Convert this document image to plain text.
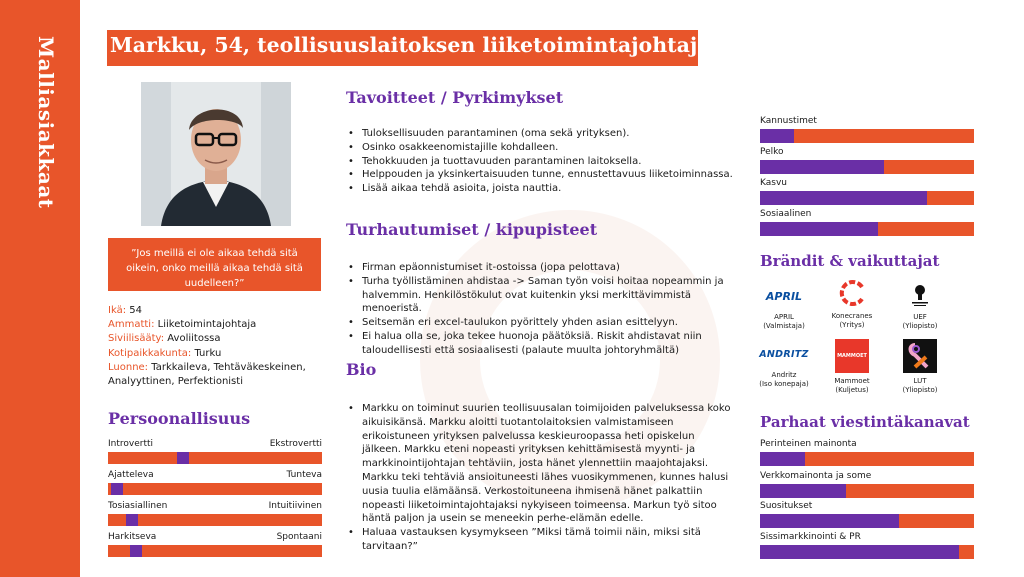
Malliasiakkaat	Markku, 54, teollisuuslaitoksen liiketoimintajohtaja
”Jos meillä ei ole aikaa tehdä sitä oikein, onko meillä aikaa tehdä sitä uudelleen?”
Ikä: 54
Ammatti: Liiketoimintajohtaja
Siviilisääty: Avoliitossa
Kotipaikkakunta: Turku
Luonne: Tarkkaileva, Tehtäväkeskeinen, Analyyttinen, Perfektionisti
Persoonallisuus
Introvertti	Ekstrovertti
Ajatteleva	Tunteva
Tosiasiallinen	Intuitiivinen
Harkitseva	Spontaani
Tavoitteet / Pyrkimykset
• Tuloksellisuuden parantaminen (oma sekä yrityksen).
• Osinko osakkeenomistajille kohdalleen.
• Tehokkuuden ja tuottavuuden parantaminen laitoksella.
• Helppouden ja yksinkertaisuuden tunne, ennustettavuus liiketoiminnassa.
• Lisää aikaa tehdä asioita, joista nauttia.
Turhautumiset / kipupisteet
• Firman epäonnistumiset it-ostoissa (jopa pelottava)
• Turha työllistäminen ahdistaa -> Saman työn voisi hoitaa nopeammin ja halvemmin. Henkilöstökulut ovat kuitenkin yksi merkittävimmistä menoeristä.
• Seitsemän eri excel-taulukon pyörittely yhden asian esittelyyn.
• Ei halua olla se, joka tekee huonoja päätöksiä. Riskit ahdistavat niin taloudellisesti että sosiaalisesti (palaute muulta johtoryhmältä)
Bio
• Markku on toiminut suurien teollisuusalan toimijoiden palveluksessa koko aikuisikänsä. Markku aloitti tuotantolaitoksien valmistamiseen erikoistuneen yrityksen palvelussa keskieuroopassa heti opiskelun jälkeen. Markku eteni nopeasti yrityksen kehittämisestä myynti- ja markkinointijohtajan tehtäviin, josta hänet ylennettiin maajohtajaksi. Markku teki tehtäviä ansioituneesti lähes vuosikymmenen, kunnes halusi uusia tuulia elämäänsä. Verkostoituneena ihmisenä hänet palkattiin nopeasti liiketoimintajohtajaksi nykyiseen toimeensa. Markun työ sitoo häntä paljon ja usein se meneekin perhe-elämän edelle.
• Haluaa vastauksen kysymykseen ”Miksi tämä toimii näin, miksi sitä tarvitaan?”
Kannustimet
Pelko
Kasvu
Sosiaalinen
Brändit & vaikuttajat
APRIL
APRIL
(Valmistaja)
Konecranes
(Yritys)
UEF
(Yliopisto)
ANDRITZ
Andritz
(Iso konepaja)
MAMMOET
Mammoet
(Kuljetus)
LUT
(Yliopisto)
Parhaat viestintäkanavat
Perinteinen mainonta
Verkkomainonta ja some
Suositukset
Sissimarkkinointi & PR
